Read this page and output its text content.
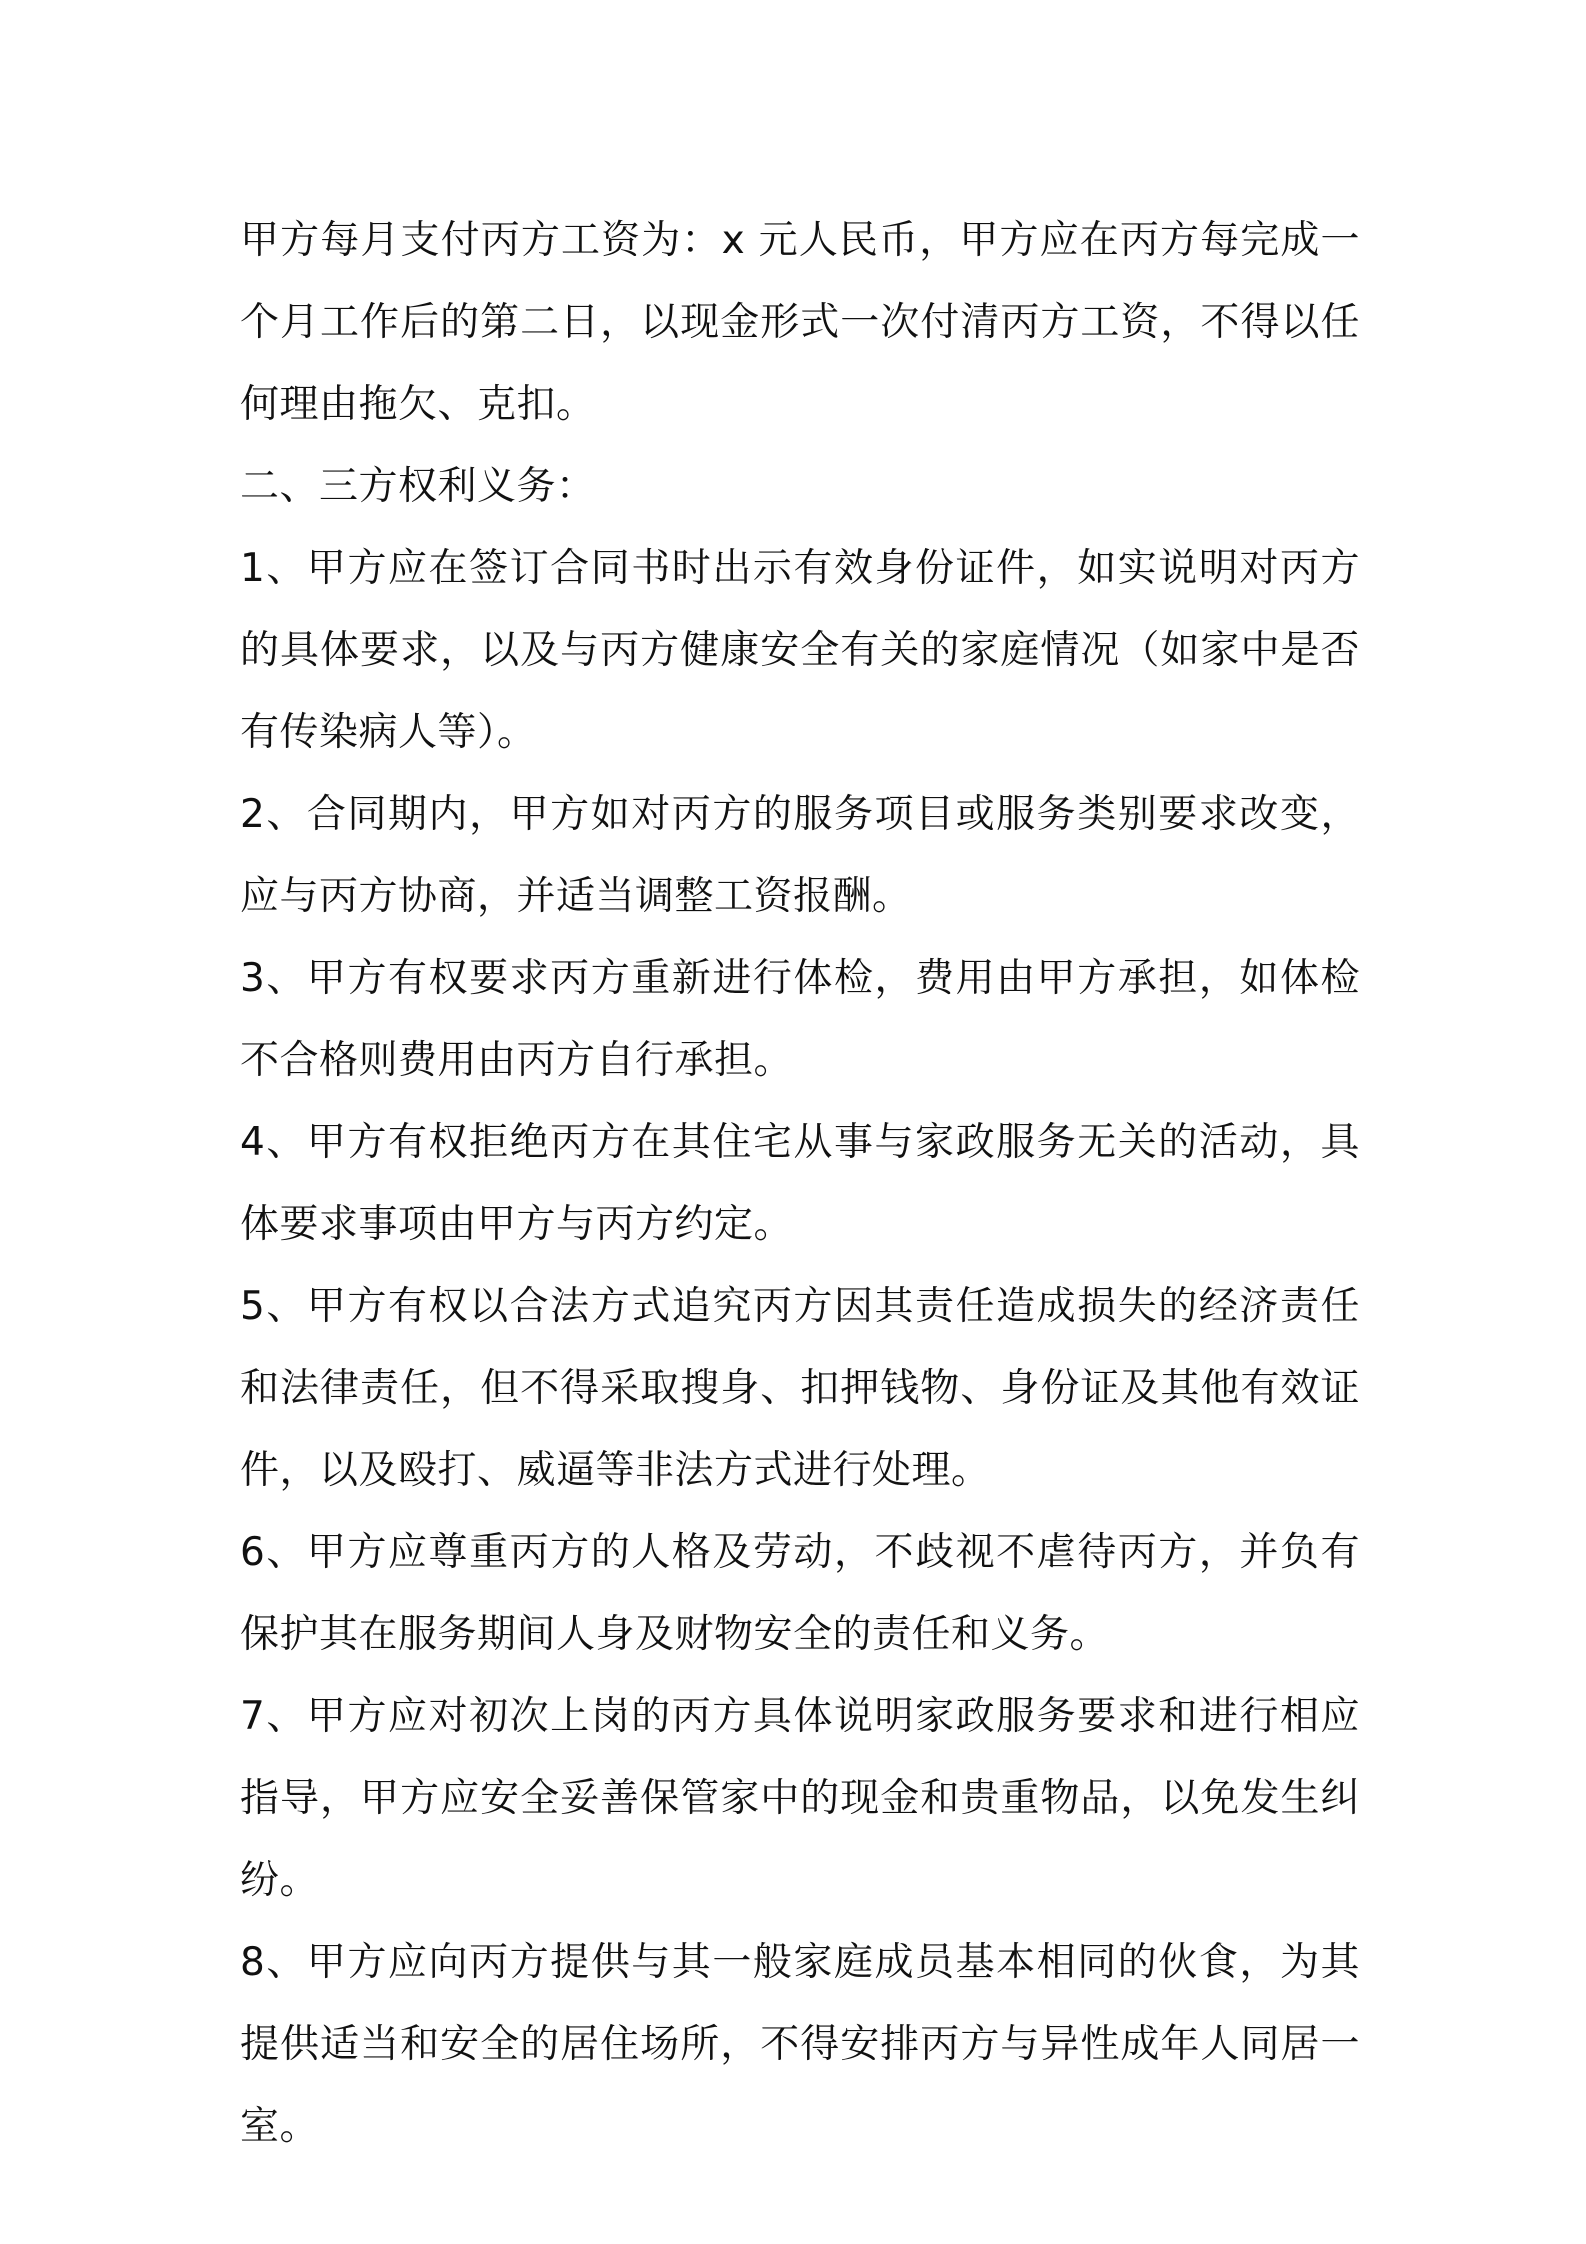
甲方每月支付丙方工资为：x 元人民币，甲方应在丙方每完成一个月工作后的第二日，以现金形式一次付清丙方工资，不得以任何理由拖欠、克扣。

二、三方权利义务：

1、甲方应在签订合同书时出示有效身份证件，如实说明对丙方的具体要求，以及与丙方健康安全有关的家庭情况（如家中是否有传染病人等）。

2、合同期内，甲方如对丙方的服务项目或服务类别要求改变，应与丙方协商，并适当调整工资报酬。

3、甲方有权要求丙方重新进行体检，费用由甲方承担，如体检不合格则费用由丙方自行承担。

4、甲方有权拒绝丙方在其住宅从事与家政服务无关的活动，具体要求事项由甲方与丙方约定。

5、甲方有权以合法方式追究丙方因其责任造成损失的经济责任和法律责任，但不得采取搜身、扣押钱物、身份证及其他有效证件，以及殴打、威逼等非法方式进行处理。

6、甲方应尊重丙方的人格及劳动，不歧视不虐待丙方，并负有保护其在服务期间人身及财物安全的责任和义务。

7、甲方应对初次上岗的丙方具体说明家政服务要求和进行相应指导，甲方应安全妥善保管家中的现金和贵重物品，以免发生纠纷。

8、甲方应向丙方提供与其一般家庭成员基本相同的伙食，为其提供适当和安全的居住场所，不得安排丙方与异性成年人同居一室。
